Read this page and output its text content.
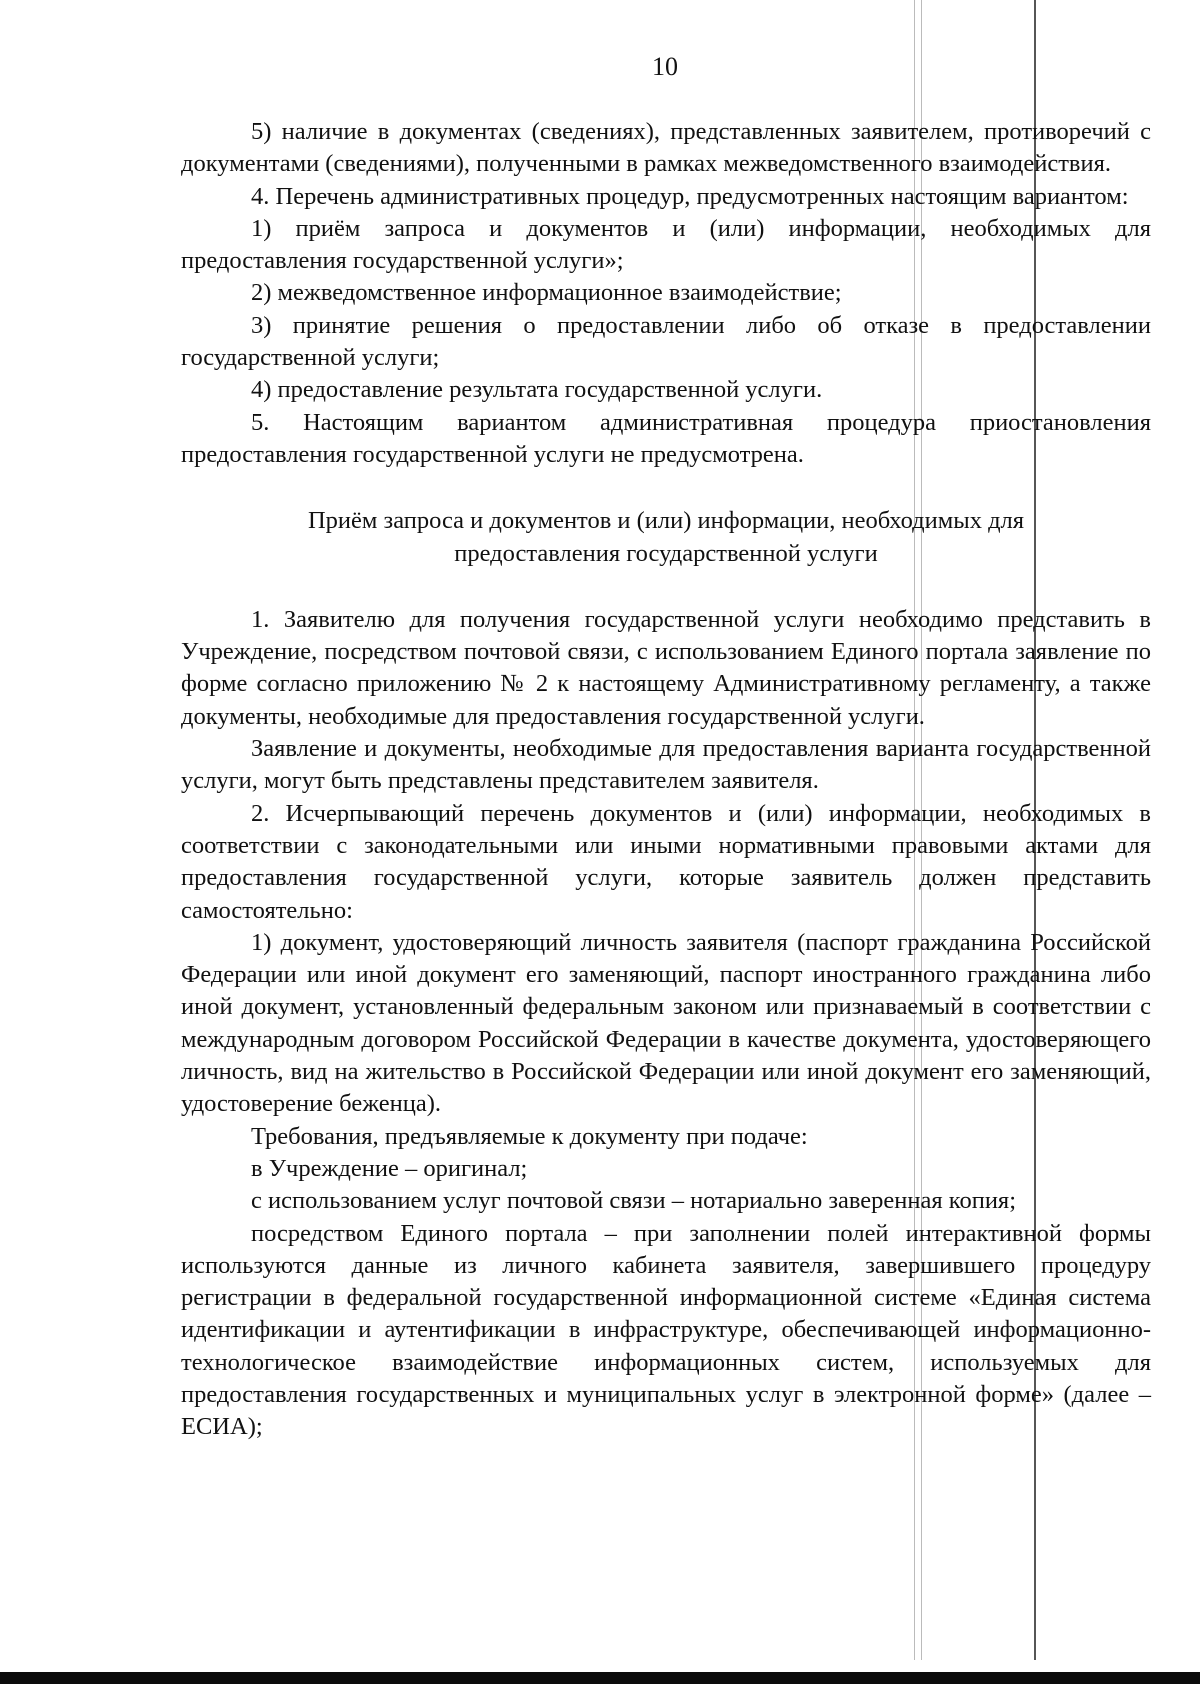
10

5) наличие в документах (сведениях), представленных заявителем, противоречий с документами (сведениями), полученными в рамках межведомственного взаимодействия.

4. Перечень административных процедур, предусмотренных настоящим вариантом:

1) приём запроса и документов и (или) информации, необходимых для предоставления государственной услуги»;

2) межведомственное информационное взаимодействие;

3) принятие решения о предоставлении либо об отказе в предоставлении государственной услуги;

4) предоставление результата государственной услуги.

5. Настоящим вариантом административная процедура приостановления предоставления государственной услуги не предусмотрена.

Приём запроса и документов и (или) информации, необходимых для предоставления государственной услуги

1. Заявителю для получения государственной услуги необходимо представить в Учреждение, посредством почтовой связи, с использованием Единого портала заявление по форме согласно приложению № 2 к настоящему Административному регламенту, а также документы, необходимые для предоставления государственной услуги.

Заявление и документы, необходимые для предоставления варианта государственной услуги, могут быть представлены представителем заявителя.

2. Исчерпывающий перечень документов и (или) информации, необходимых в соответствии с законодательными или иными нормативными правовыми актами для предоставления государственной услуги, которые заявитель должен представить самостоятельно:

1) документ, удостоверяющий личность заявителя (паспорт гражданина Российской Федерации или иной документ его заменяющий, паспорт иностранного гражданина либо иной документ, установленный федеральным законом или признаваемый в соответствии с международным договором Российской Федерации в качестве документа, удостоверяющего личность, вид на жительство в Российской Федерации или иной документ его заменяющий, удостоверение беженца).

Требования, предъявляемые к документу при подаче:

в Учреждение – оригинал;

с использованием услуг почтовой связи – нотариально заверенная копия;

посредством Единого портала – при заполнении полей интерактивной формы используются данные из личного кабинета заявителя, завершившего процедуру регистрации в федеральной государственной информационной системе «Единая система идентификации и аутентификации в инфраструктуре, обеспечивающей информационно-технологическое взаимодействие информационных систем, используемых для предоставления государственных и муниципальных услуг в электронной форме» (далее – ЕСИА);
